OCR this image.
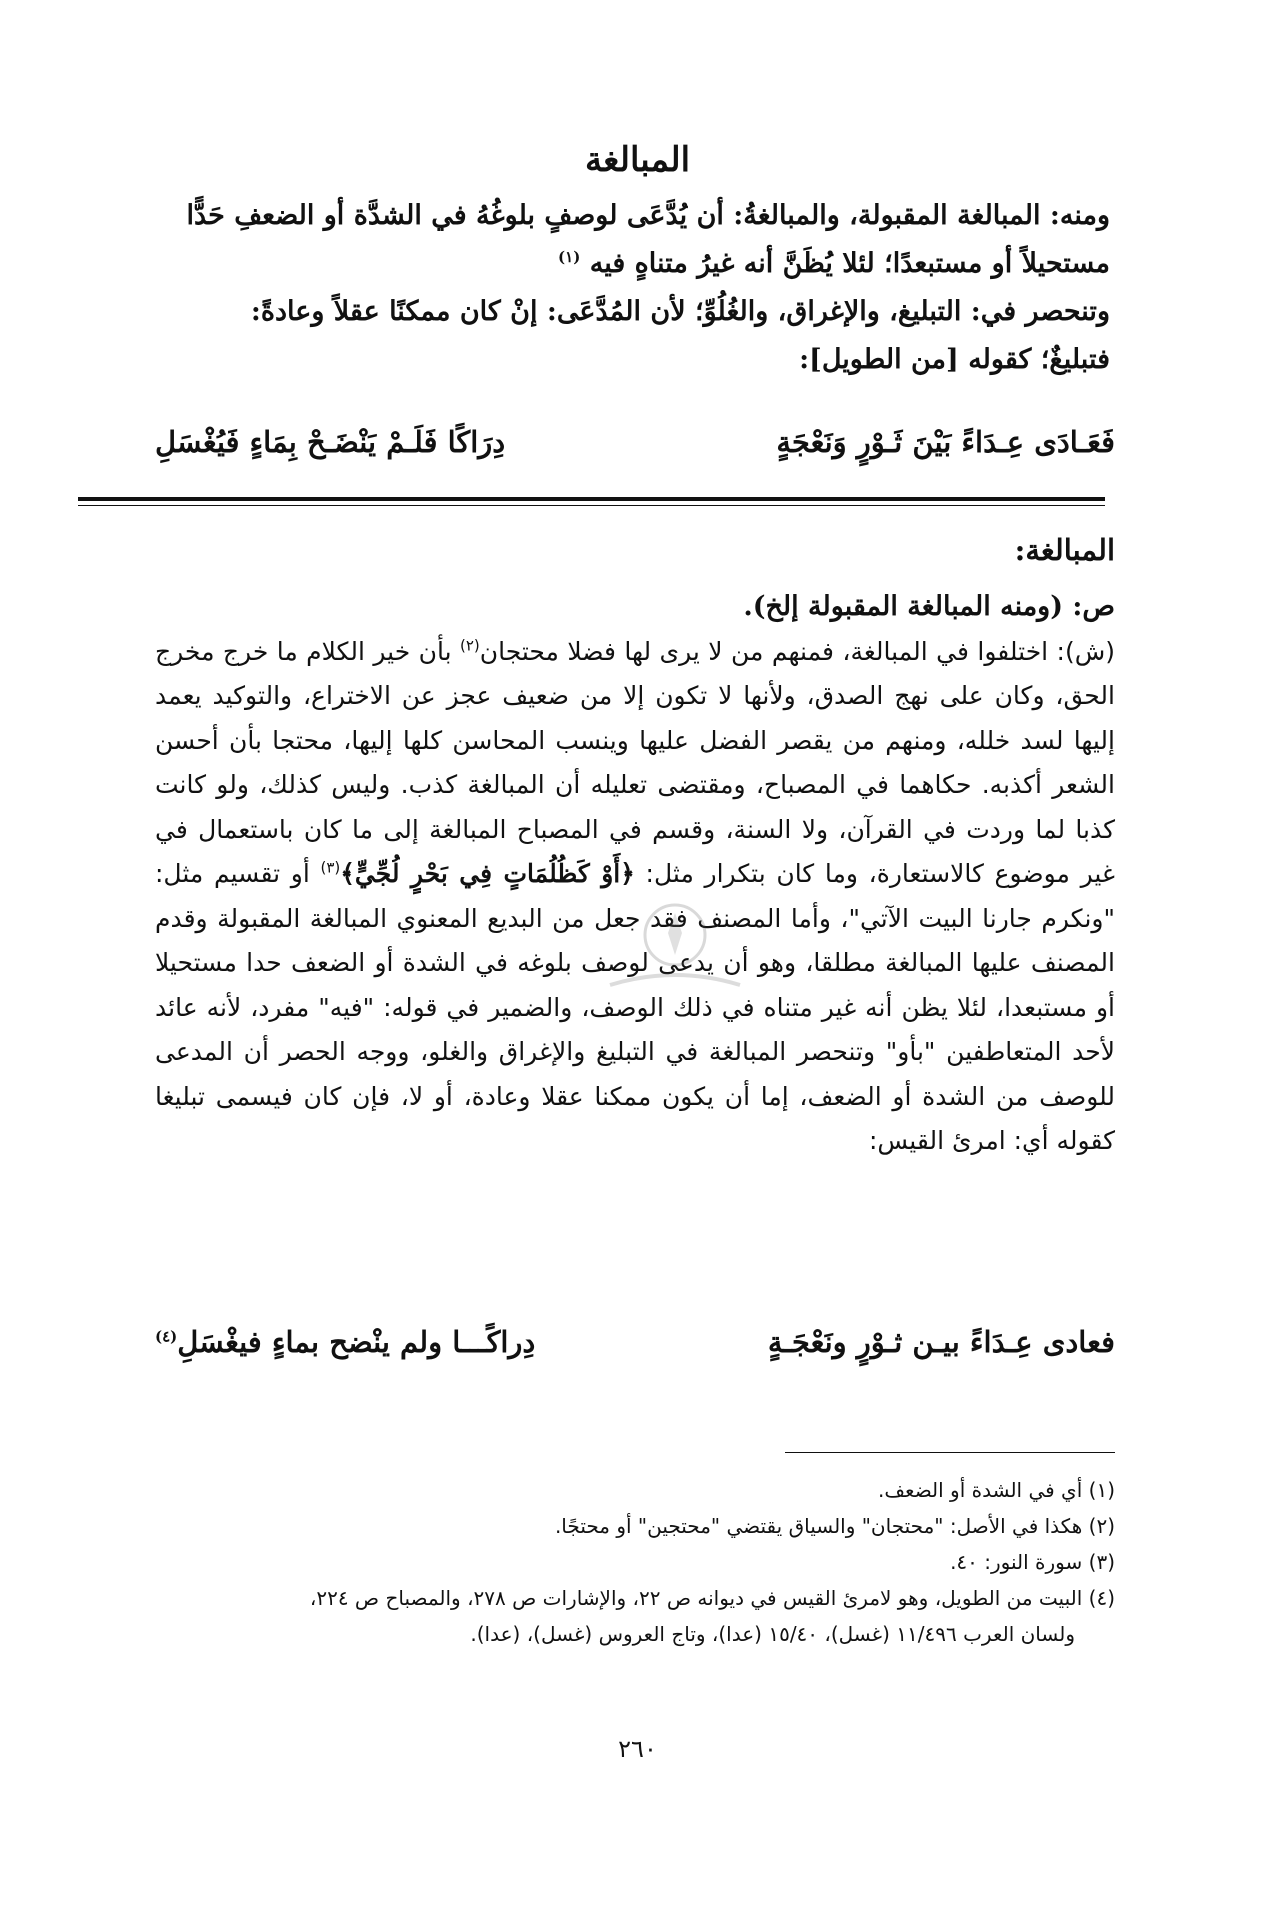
المبالغة

ومنه: المبالغة المقبولة، والمبالغةُ: أن يُدَّعَى لوصفٍ بلوغُهُ في الشدَّة أو الضعفِ حَدًّا

مستحيلاً أو مستبعدًا؛ لئلا يُظَنَّ أنه غيرُ متناهٍ فيه $^{(١)}$

وتنحصر في: التبليغ، والإغراق، والغُلُوِّ؛ لأن المُدَّعَى: إنْ كان ممكنًا عقلاً وعادةً:

فتبليغٌ؛ كقوله [من الطويل]:

فَعَـادَى عِـدَاءً بَيْنَ ثَـوْرٍ وَنَعْجَةٍ
دِرَاكًا فَلَـمْ يَنْضَـحْ بِمَاءٍ فَيُغْسَلِ
المبالغة:

ص: (ومنه المبالغة المقبولة إلخ).

(ش): اختلفوا في المبالغة، فمنهم من لا يرى لها فضلا محتجان$^{(٢)}$ بأن خير الكلام ما خرج مخرج الحق، وكان على نهج الصدق، ولأنها لا تكون إلا من ضعيف عجز عن الاختراع، والتوكيد يعمد إليها لسد خلله، ومنهم من يقصر الفضل عليها وينسب المحاسن كلها إليها، محتجا بأن أحسن الشعر أكذبه. حكاهما في المصباح، ومقتضى تعليله أن المبالغة كذب. وليس كذلك، ولو كانت كذبا لما وردت في القرآن، ولا السنة، وقسم في المصباح المبالغة إلى ما كان باستعمال في غير موضوع كالاستعارة، وما كان بتكرار مثل: ﴿أَوْ كَظُلُمَاتٍ فِي بَحْرٍ لُجِّيٍّ﴾$^{(٣)}$ أو تقسيم مثل: "ونكرم جارنا البيت الآتي"، وأما المصنف فقد جعل من البديع المعنوي المبالغة المقبولة وقدم المصنف عليها المبالغة مطلقا، وهو أن يدعى لوصف بلوغه في الشدة أو الضعف حدا مستحيلا أو مستبعدا، لئلا يظن أنه غير متناه في ذلك الوصف، والضمير في قوله: "فيه" مفرد، لأنه عائد لأحد المتعاطفين "بأو" وتنحصر المبالغة في التبليغ والإغراق والغلو، ووجه الحصر أن المدعى للوصف من الشدة أو الضعف، إما أن يكون ممكنا عقلا وعادة، أو لا، فإن كان فيسمى تبليغا كقوله أي: امرئ القيس:

فعادى عِـدَاءً بيـن ثـوْرٍ ونَعْجَـةٍ
دِراكًـــا ولم ينْضح بماءٍ فيغْسَلِ$^{(٤)}$

(١) أي في الشدة أو الضعف.

(٢) هكذا في الأصل: "محتجان" والسياق يقتضي "محتجين" أو محتجًا.

(٣) سورة النور: ٤٠.

(٤) البيت من الطويل، وهو لامرئ القيس في ديوانه ص ٢٢، والإشارات ص ٢٧٨، والمصباح ص ٢٢٤،

ولسان العرب ١١/٤٩٦ (غسل)، ١٥/٤٠ (عدا)، وتاج العروس (غسل)، (عدا).

٢٦٠
